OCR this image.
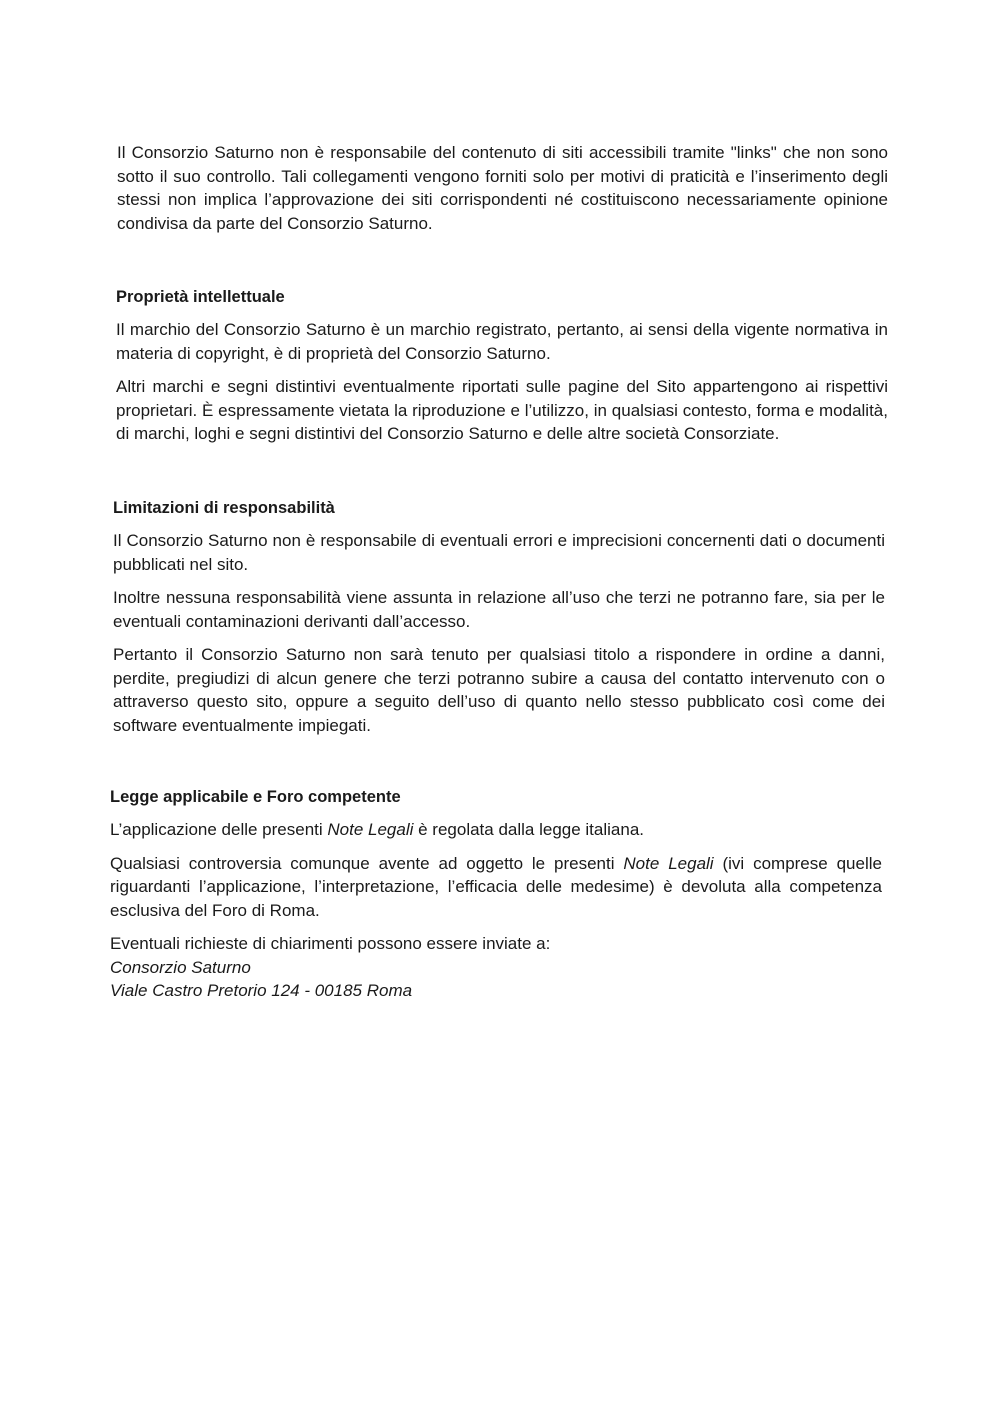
Il Consorzio Saturno non è responsabile del contenuto di siti accessibili tramite "links" che non sono sotto il suo controllo. Tali collegamenti vengono forniti solo per motivi di praticità e l’inserimento degli stessi non implica l’approvazione dei siti corrispondenti né costituiscono necessariamente opinione condivisa da parte del Consorzio Saturno.

Proprietà intellettuale

Il marchio del Consorzio Saturno è un marchio registrato, pertanto, ai sensi della vigente normativa in materia di copyright, è di proprietà del Consorzio Saturno.

Altri marchi e segni distintivi eventualmente riportati sulle pagine del Sito appartengono ai rispettivi proprietari. È espressamente vietata la riproduzione e l’utilizzo, in qualsiasi contesto, forma e modalità, di marchi, loghi e segni distintivi del Consorzio Saturno e delle altre società Consorziate.

Limitazioni di responsabilità

Il Consorzio Saturno non è responsabile di eventuali errori e imprecisioni concernenti dati o documenti pubblicati nel sito.

Inoltre nessuna responsabilità viene assunta in relazione all’uso che terzi ne potranno fare, sia per le eventuali contaminazioni derivanti dall’accesso.

Pertanto il Consorzio Saturno non sarà tenuto per qualsiasi titolo a rispondere in ordine a danni, perdite, pregiudizi di alcun genere che terzi potranno subire a causa del contatto intervenuto con o attraverso questo sito, oppure a seguito dell’uso di quanto nello stesso pubblicato così come dei software eventualmente impiegati.

Legge applicabile e Foro competente

L’applicazione delle presenti Note Legali è regolata dalla legge italiana.

Qualsiasi controversia comunque avente ad oggetto le presenti Note Legali (ivi comprese quelle riguardanti l’applicazione, l’interpretazione, l’efficacia delle medesime) è devoluta alla competenza esclusiva del Foro di Roma.

Eventuali richieste di chiarimenti possono essere inviate a:

Consorzio Saturno

Viale Castro Pretorio 124 - 00185 Roma
